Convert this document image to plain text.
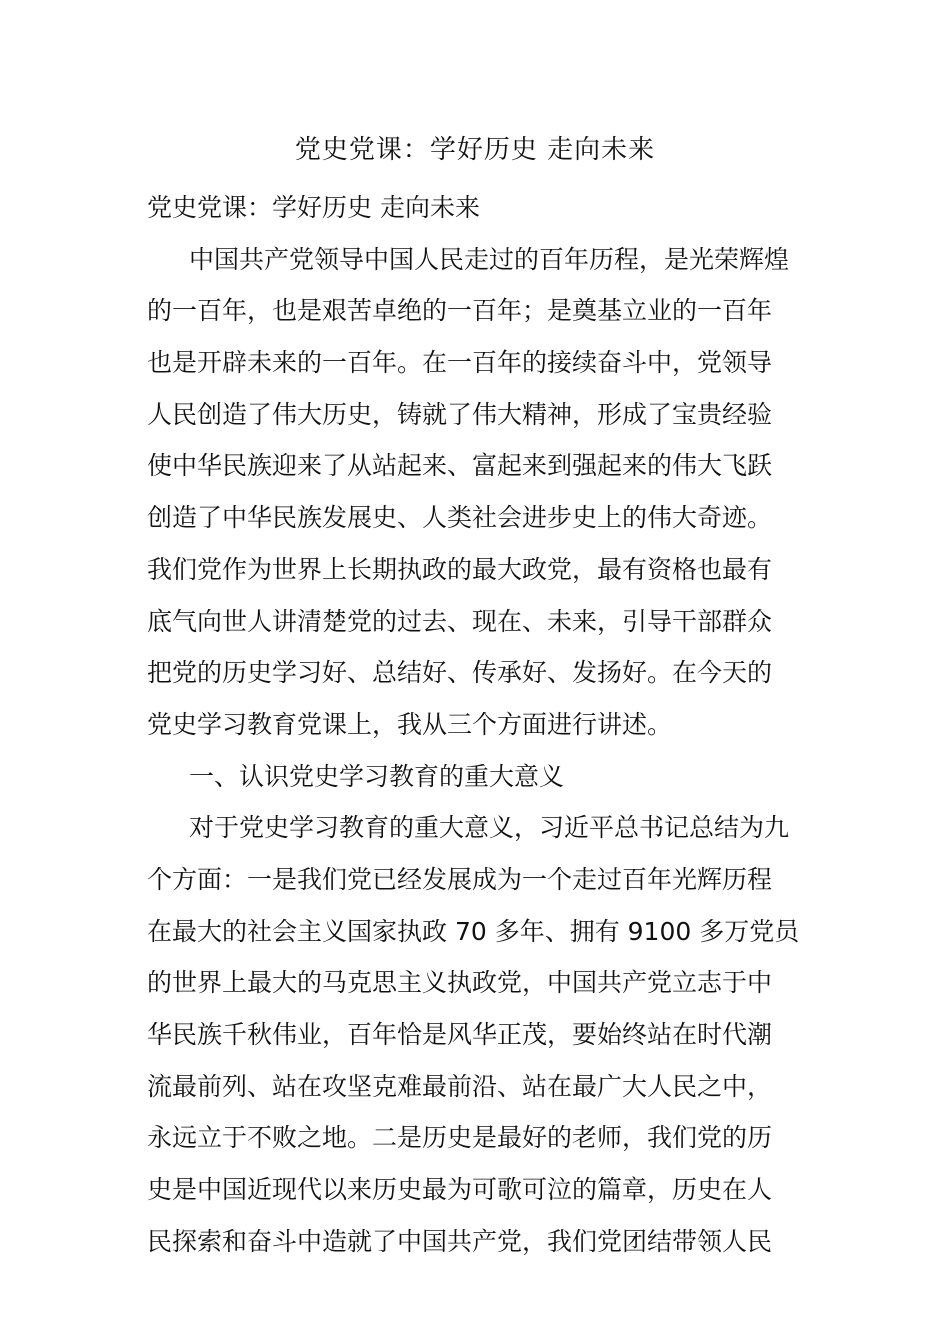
党史党课：学好历史 走向未来
党史党课：学好历史 走向未来
中国共产党领导中国人民走过的百年历程，是光荣辉煌
的一百年，也是艰苦卓绝的一百年；是奠基立业的一百年
也是开辟未来的一百年。在一百年的接续奋斗中，党领导
人民创造了伟大历史，铸就了伟大精神，形成了宝贵经验
使中华民族迎来了从站起来、富起来到强起来的伟大飞跃
创造了中华民族发展史、人类社会进步史上的伟大奇迹。
我们党作为世界上长期执政的最大政党，最有资格也最有
底气向世人讲清楚党的过去、现在、未来，引导干部群众
把党的历史学习好、总结好、传承好、发扬好。在今天的
党史学习教育党课上，我从三个方面进行讲述。
一、认识党史学习教育的重大意义
对于党史学习教育的重大意义，习近平总书记总结为九
个方面：一是我们党已经发展成为一个走过百年光辉历程
在最大的社会主义国家执政 70 多年、拥有 9100 多万党员
的世界上最大的马克思主义执政党，中国共产党立志于中
华民族千秋伟业，百年恰是风华正茂，要始终站在时代潮
流最前列、站在攻坚克难最前沿、站在最广大人民之中，
永远立于不败之地。二是历史是最好的老师，我们党的历
史是中国近现代以来历史最为可歌可泣的篇章，历史在人
民探索和奋斗中造就了中国共产党，我们党团结带领人民
